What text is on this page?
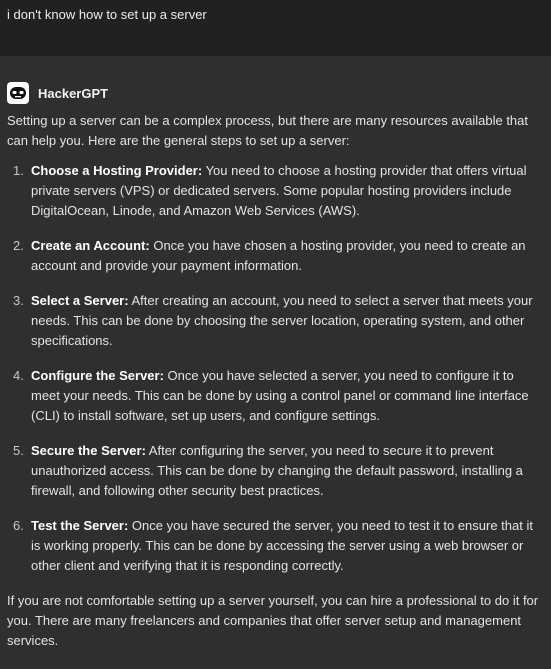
i don't know how to set up a server
HackerGPT

Setting up a server can be a complex process, but there are many resources available that can help you. Here are the general steps to set up a server:

1. Choose a Hosting Provider: You need to choose a hosting provider that offers virtual private servers (VPS) or dedicated servers. Some popular hosting providers include DigitalOcean, Linode, and Amazon Web Services (AWS).
2. Create an Account: Once you have chosen a hosting provider, you need to create an account and provide your payment information.
3. Select a Server: After creating an account, you need to select a server that meets your needs. This can be done by choosing the server location, operating system, and other specifications.
4. Configure the Server: Once you have selected a server, you need to configure it to meet your needs. This can be done by using a control panel or command line interface (CLI) to install software, set up users, and configure settings.
5. Secure the Server: After configuring the server, you need to secure it to prevent unauthorized access. This can be done by changing the default password, installing a firewall, and following other security best practices.
6. Test the Server: Once you have secured the server, you need to test it to ensure that it is working properly. This can be done by accessing the server using a web browser or other client and verifying that it is responding correctly.

If you are not comfortable setting up a server yourself, you can hire a professional to do it for you. There are many freelancers and companies that offer server setup and management services.
